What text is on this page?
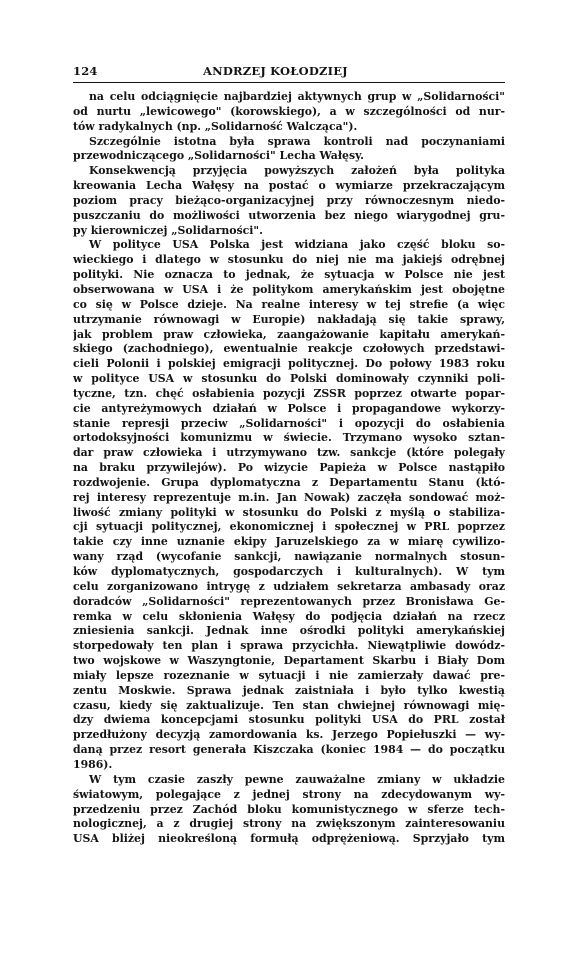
124	ANDRZEJ KOŁODZIEJ
na celu odciągnięcie najbardziej aktywnych grup w „Solidarności"
od nurtu „lewicowego" (korowskiego), a w szczególności od nur-
tów radykalnych (np. „Solidarność Walcząca").
Szczególnie istotna była sprawa kontroli nad poczynaniami
przewodniczącego „Solidarności" Lecha Wałęsy.
Konsekwencją przyjęcia powyższych założeń była polityka
kreowania Lecha Wałęsy na postać o wymiarze przekraczającym
poziom pracy bieżąco-organizacyjnej przy równoczesnym niedo-
puszczaniu do możliwości utworzenia bez niego wiarygodnej gru-
py kierowniczej „Solidarności".
W polityce USA Polska jest widziana jako część bloku so-
wieckiego i dlatego w stosunku do niej nie ma jakiejś odrębnej
polityki. Nie oznacza to jednak, że sytuacja w Polsce nie jest
obserwowana w USA i że politykom amerykańskim jest obojętne
co się w Polsce dzieje. Na realne interesy w tej strefie (a więc
utrzymanie równowagi w Europie) nakładają się takie sprawy,
jak problem praw człowieka, zaangażowanie kapitału amerykań-
skiego (zachodniego), ewentualnie reakcje czołowych przedstawi-
cieli Polonii i polskiej emigracji politycznej. Do połowy 1983 roku
w polityce USA w stosunku do Polski dominowały czynniki poli-
tyczne, tzn. chęć osłabienia pozycji ZSSR poprzez otwarte popar-
cie antyreżymowych działań w Polsce i propagandowe wykorzy-
stanie represji przeciw „Solidarności" i opozycji do osłabienia
ortodoksyjności komunizmu w świecie. Trzymano wysoko sztan-
dar praw człowieka i utrzymywano tzw. sankcje (które polegały
na braku przywilejów). Po wizycie Papieża w Polsce nastąpiło
rozdwojenie. Grupa dyplomatyczna z Departamentu Stanu (któ-
rej interesy reprezentuje m.in. Jan Nowak) zaczęła sondować moż-
liwość zmiany polityki w stosunku do Polski z myślą o stabiliza-
cji sytuacji politycznej, ekonomicznej i społecznej w PRL poprzez
takie czy inne uznanie ekipy Jaruzelskiego za w miarę cywilizo-
wany rząd (wycofanie sankcji, nawiązanie normalnych stosun-
ków dyplomatycznych, gospodarczych i kulturalnych). W tym
celu zorganizowano intrygę z udziałem sekretarza ambasady oraz
doradców „Solidarności" reprezentowanych przez Bronisława Ge-
remka w celu skłonienia Wałęsy do podjęcia działań na rzecz
zniesienia sankcji. Jednak inne ośrodki polityki amerykańskiej
storpedowały ten plan i sprawa przycichła. Niewątpliwie dowódz-
two wojskowe w Waszyngtonie, Departament Skarbu i Biały Dom
miały lepsze rozeznanie w sytuacji i nie zamierzały dawać pre-
zentu Moskwie. Sprawa jednak zaistniała i było tylko kwestią
czasu, kiedy się zaktualizuje. Ten stan chwiejnej równowagi mię-
dzy dwiema koncepcjami stosunku polityki USA do PRL został
przedłużony decyzją zamordowania ks. Jerzego Popiełuszki — wy-
daną przez resort generała Kiszczaka (koniec 1984 — do początku
1986).
W tym czasie zaszły pewne zauważalne zmiany w układzie
światowym, polegające z jednej strony na zdecydowanym wy-
przedzeniu przez Zachód bloku komunistycznego w sferze tech-
nologicznej, a z drugiej strony na zwiększonym zainteresowaniu
USA bliżej nieokreśloną formułą odprężeniową. Sprzyjało tym
